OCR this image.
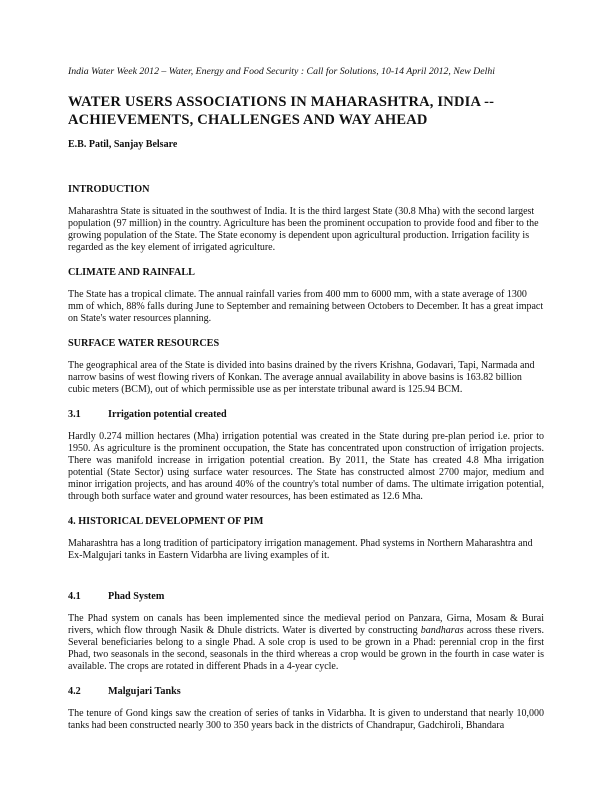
India Water Week 2012 – Water, Energy and Food Security : Call for Solutions, 10-14 April 2012, New Delhi
WATER USERS ASSOCIATIONS IN MAHARASHTRA, INDIA --
ACHIEVEMENTS, CHALLENGES AND WAY AHEAD
E.B. Patil, Sanjay Belsare
INTRODUCTION
Maharashtra State is situated in the southwest of India. It is the third largest State (30.8 Mha) with the second largest population (97 million) in the country. Agriculture has been the prominent occupation to provide food and fiber to the growing population of the State. The State economy is dependent upon agricultural production. Irrigation facility is regarded as the key element of irrigated agriculture.
CLIMATE AND RAINFALL
The State has a tropical climate. The annual rainfall varies from 400 mm to 6000 mm, with a state average of 1300 mm of which, 88% falls during June to September and remaining between Octobers to December. It has a great impact on State's water resources planning.
SURFACE WATER RESOURCES
The geographical area of the State is divided into basins drained by the rivers Krishna, Godavari, Tapi, Narmada and narrow basins of west flowing rivers of Konkan. The average annual availability in above basins is 163.82 billion cubic meters (BCM), out of which permissible use as per interstate tribunal award is 125.94 BCM.
3.1	Irrigation potential created
Hardly 0.274 million hectares (Mha) irrigation potential was created in the State during pre-plan period i.e. prior to 1950. As agriculture is the prominent occupation, the State has concentrated upon construction of irrigation projects. There was manifold increase in irrigation potential creation. By 2011, the State has created 4.8 Mha irrigation potential (State Sector) using surface water resources. The State has constructed almost 2700 major, medium and minor irrigation projects, and has around 40% of the country's total number of dams. The ultimate irrigation potential, through both surface water and ground water resources, has been estimated as 12.6 Mha.
4. HISTORICAL DEVELOPMENT OF PIM
Maharashtra has a long tradition of participatory irrigation management. Phad systems in Northern Maharashtra and Ex-Malgujari tanks in Eastern Vidarbha are living examples of it.
4.1	Phad System
The Phad system on canals has been implemented since the medieval period on Panzara, Girna, Mosam & Burai rivers, which flow through Nasik & Dhule districts. Water is diverted by constructing bandharas across these rivers. Several beneficiaries belong to a single Phad. A sole crop is used to be grown in a Phad: perennial crop in the first Phad, two seasonals in the second, seasonals in the third whereas a crop would be grown in the fourth in case water is available. The crops are rotated in different Phads in a 4-year cycle.
4.2	Malgujari Tanks
The tenure of Gond kings saw the creation of series of tanks in Vidarbha. It is given to understand that nearly 10,000 tanks had been constructed nearly 300 to 350 years back in the districts of Chandrapur, Gadchiroli, Bhandara
